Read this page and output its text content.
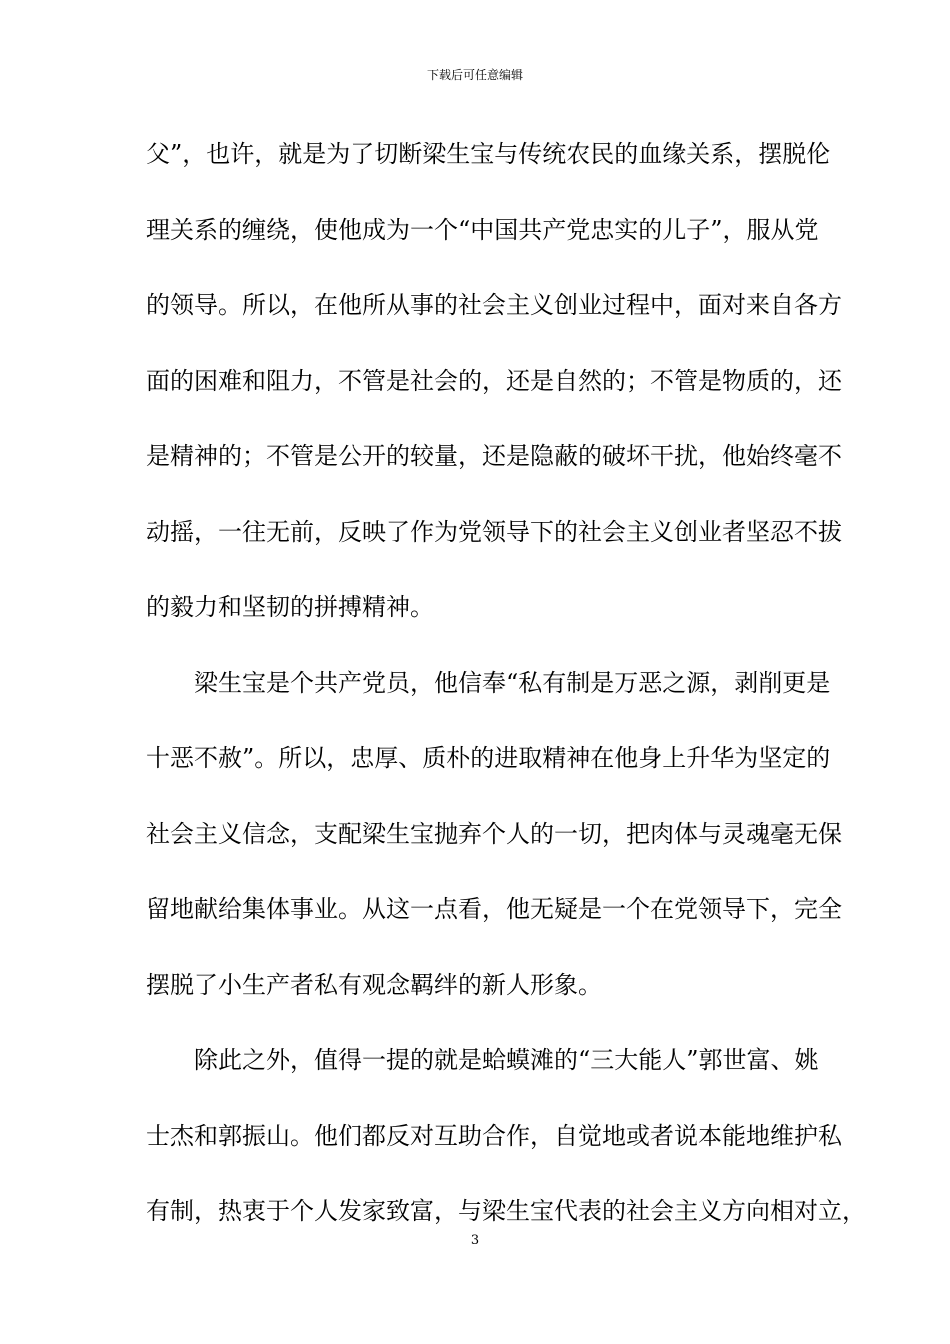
下载后可任意编辑
父”，也许，就是为了切断梁生宝与传统农民的血缘关系，摆脱伦
理关系的缠绕，使他成为一个“中国共产党忠实的儿子”，服从党
的领导。所以，在他所从事的社会主义创业过程中，面对来自各方
面的困难和阻力，不管是社会的，还是自然的；不管是物质的，还
是精神的；不管是公开的较量，还是隐蔽的破坏干扰，他始终毫不
动摇，一往无前，反映了作为党领导下的社会主义创业者坚忍不拔
的毅力和坚韧的拼搏精神。
梁生宝是个共产党员，他信奉“私有制是万恶之源，剥削更是
十恶不赦”。所以，忠厚、质朴的进取精神在他身上升华为坚定的
社会主义信念，支配梁生宝抛弃个人的一切，把肉体与灵魂毫无保
留地献给集体事业。从这一点看，他无疑是一个在党领导下，完全
摆脱了小生产者私有观念羁绊的新人形象。
除此之外，值得一提的就是蛤蟆滩的“三大能人”郭世富、姚
士杰和郭振山。他们都反对互助合作，自觉地或者说本能地维护私
有制，热衷于个人发家致富，与梁生宝代表的社会主义方向相对立，
3
